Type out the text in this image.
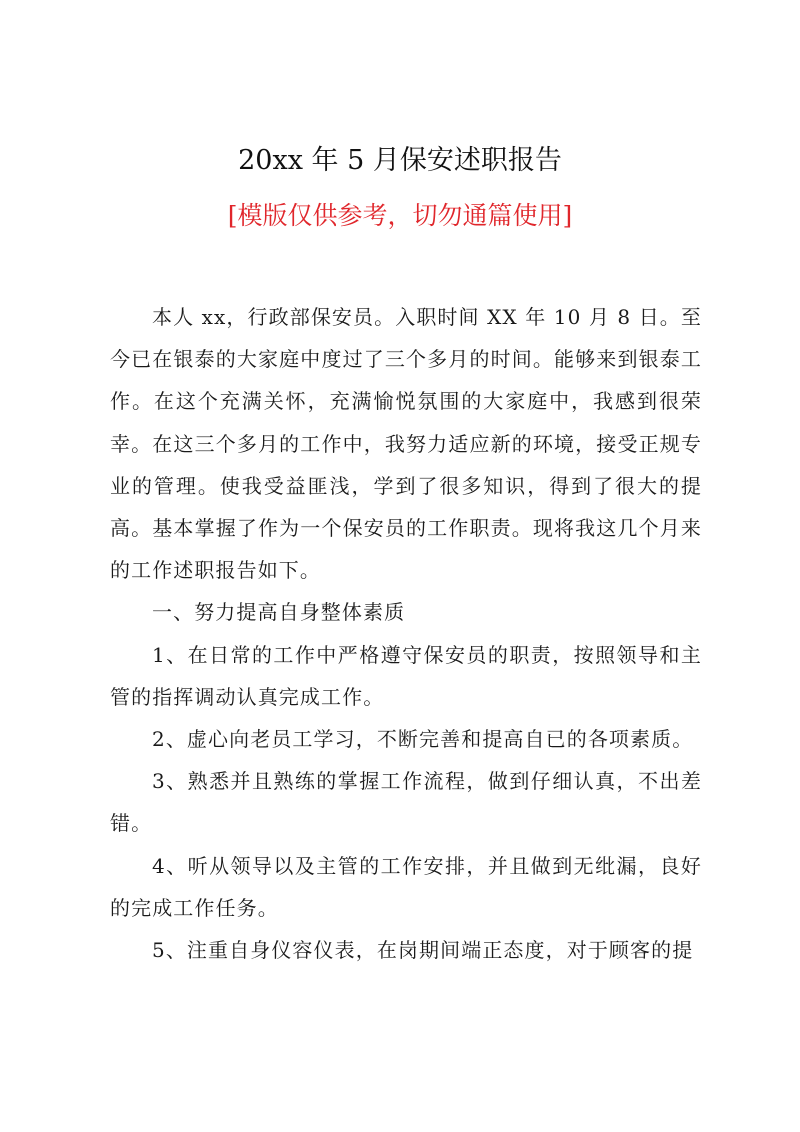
20xx 年 5 月保安述职报告
[模版仅供参考，切勿通篇使用]

本人 xx，行政部保安员。入职时间 XX 年 10 月 8 日。至今已在银泰的大家庭中度过了三个多月的时间。能够来到银泰工作。在这个充满关怀，充满愉悦氛围的大家庭中，我感到很荣幸。在这三个多月的工作中，我努力适应新的环境，接受正规专业的管理。使我受益匪浅，学到了很多知识，得到了很大的提高。基本掌握了作为一个保安员的工作职责。现将我这几个月来的工作述职报告如下。

一、努力提高自身整体素质

1、在日常的工作中严格遵守保安员的职责，按照领导和主管的指挥调动认真完成工作。

2、虚心向老员工学习，不断完善和提高自已的各项素质。

3、熟悉并且熟练的掌握工作流程，做到仔细认真，不出差错。

4、听从领导以及主管的工作安排，并且做到无纰漏，良好的完成工作任务。

5、注重自身仪容仪表，在岗期间端正态度，对于顾客的提
